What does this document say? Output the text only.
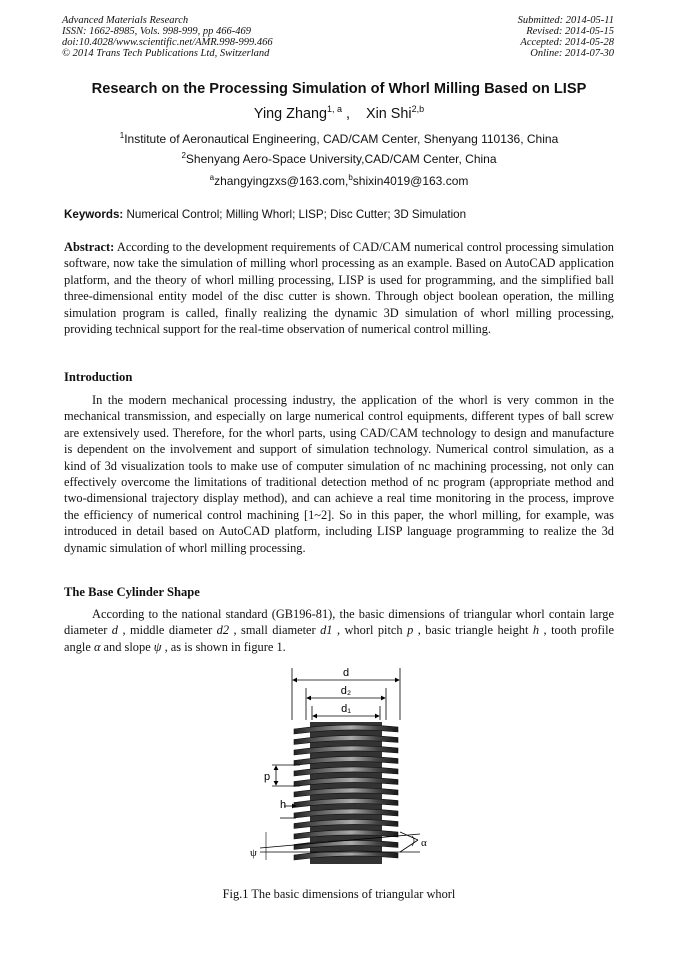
Advanced Materials Research
ISSN: 1662-8985, Vols. 998-999, pp 466-469
doi:10.4028/www.scientific.net/AMR.998-999.466
© 2014 Trans Tech Publications Ltd, Switzerland
Submitted: 2014-05-11
Revised: 2014-05-15
Accepted: 2014-05-28
Online: 2014-07-30
Research on the Processing Simulation of Whorl Milling Based on LISP
Ying Zhang$^{1, a}$ ,    Xin Shi$^{2,b}$
$^1$Institute of Aeronautical Engineering, CAD/CAM Center, Shenyang 110136, China
$^2$Shenyang Aero-Space University,CAD/CAM Center, China
$^a$zhangyingzxs@163.com,$^b$shixin4019@163.com
Keywords: Numerical Control; Milling Whorl; LISP; Disc Cutter; 3D Simulation

Abstract: According to the development requirements of CAD/CAM numerical control processing simulation software, now take the simulation of milling whorl processing as an example. Based on AutoCAD application platform, and the theory of whorl milling processing, LISP is used for programming, and the simplified ball three-dimensional entity model of the disc cutter is shown. Through object boolean operation, the milling simulation program is called, finally realizing the dynamic 3D simulation of whorl milling processing, providing technical support for the real-time observation of numerical control milling.

Introduction

In the modern mechanical processing industry, the application of the whorl is very common in the mechanical transmission, and especially on large numerical control equipments, different types of ball screw are extensively used. Therefore, for the whorl parts, using CAD/CAM technology to design and manufacture is dependent on the involvement and support of simulation technology. Numerical control simulation, as a kind of 3d visualization tools to make use of computer simulation of nc machining processing, not only can effectively overcome the limitations of traditional detection method of nc program (appropriate method and two-dimensional trajectory display method), and can achieve a real time monitoring in the process, improve the efficiency of numerical control machining [1~2]. So in this paper, the whorl milling, for example, was introduced in detail based on AutoCAD platform, including LISP language programming to realize the 3d dynamic simulation of whorl milling processing.

The Base Cylinder Shape

According to the national standard (GB196-81), the basic dimensions of triangular whorl contain large diameter d , middle diameter d2 , small diameter d1 , whorl pitch p , basic triangle height h , tooth profile angle α and slope ψ , as is shown in figure 1.

d
d₂
d₁
p
h
ψ
α
Fig.1 The basic dimensions of triangular whorl
